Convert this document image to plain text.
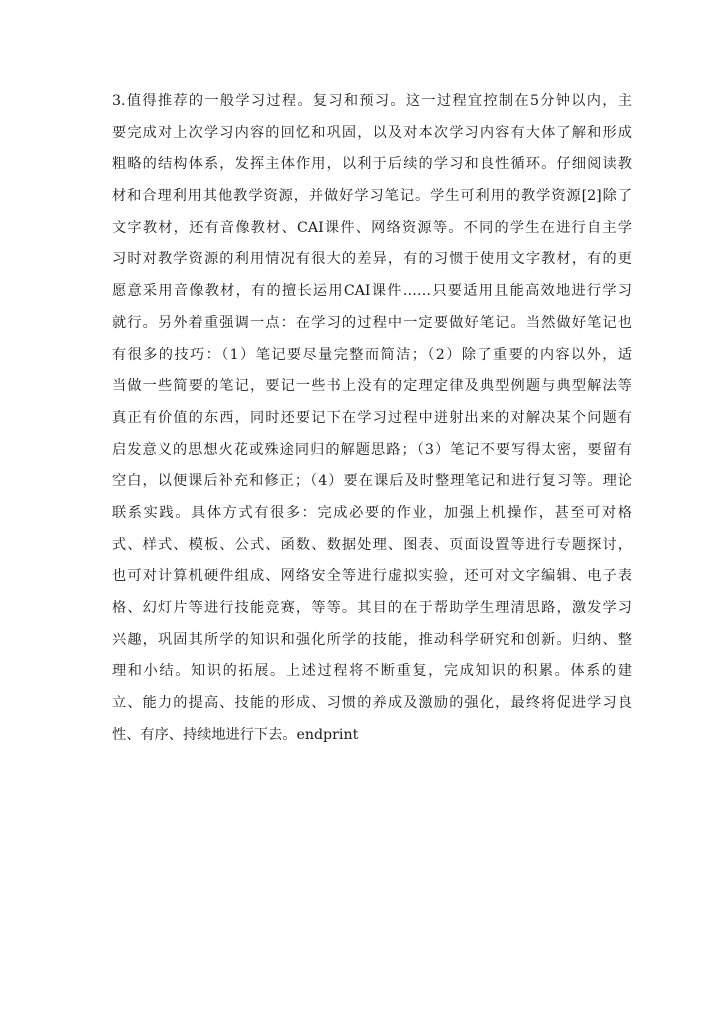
3.值得推荐的一般学习过程。复习和预习。这一过程宜控制在5分钟以内，主
要完成对上次学习内容的回忆和巩固，以及对本次学习内容有大体了解和形成
粗略的结构体系，发挥主体作用，以利于后续的学习和良性循环。仔细阅读教
材和合理利用其他教学资源，并做好学习笔记。学生可利用的教学资源[2]除了
文字教材，还有音像教材、CAI课件、网络资源等。不同的学生在进行自主学
习时对教学资源的利用情况有很大的差异，有的习惯于使用文字教材，有的更
愿意采用音像教材，有的擅长运用CAI课件……只要适用且能高效地进行学习
就行。另外着重强调一点：在学习的过程中一定要做好笔记。当然做好笔记也
有很多的技巧：（1）笔记要尽量完整而简洁；（2）除了重要的内容以外，适
当做一些简要的笔记，要记一些书上没有的定理定律及典型例题与典型解法等
真正有价值的东西，同时还要记下在学习过程中迸射出来的对解决某个问题有
启发意义的思想火花或殊途同归的解题思路；（3）笔记不要写得太密，要留有
空白，以便课后补充和修正；（4）要在课后及时整理笔记和进行复习等。理论
联系实践。具体方式有很多：完成必要的作业，加强上机操作，甚至可对格
式、样式、模板、公式、函数、数据处理、图表、页面设置等进行专题探讨，
也可对计算机硬件组成、网络安全等进行虚拟实验，还可对文字编辑、电子表
格、幻灯片等进行技能竞赛，等等。其目的在于帮助学生理清思路，激发学习
兴趣，巩固其所学的知识和强化所学的技能，推动科学研究和创新。归纳、整
理和小结。知识的拓展。上述过程将不断重复，完成知识的积累。体系的建
立、能力的提高、技能的形成、习惯的养成及激励的强化，最终将促进学习良
性、有序、持续地进行下去。endprint
